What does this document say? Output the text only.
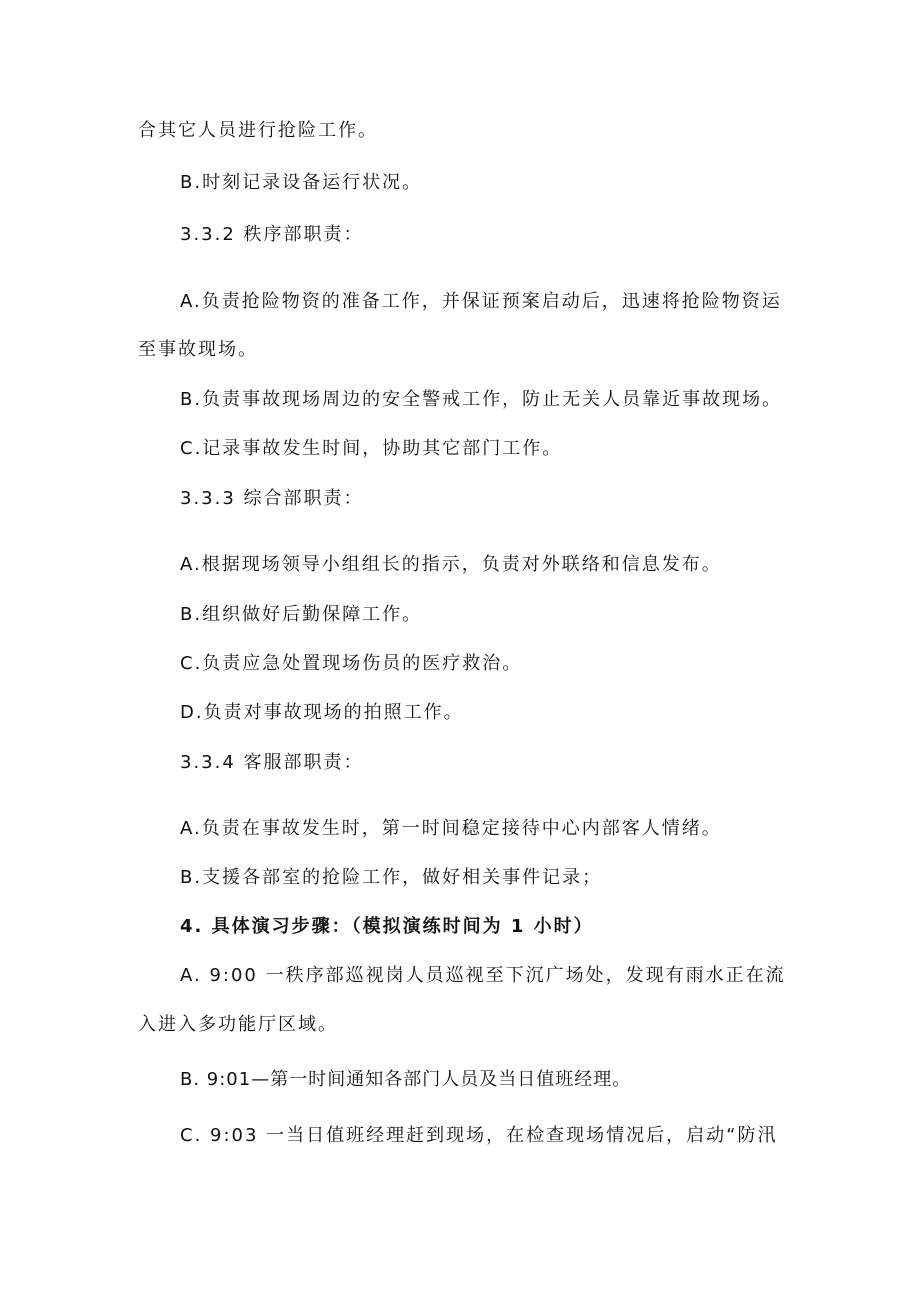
合其它人员进行抢险工作。
B.时刻记录设备运行状况。
3.3.2 秩序部职责：
A.负责抢险物资的准备工作，并保证预案启动后，迅速将抢险物资运
至事故现场。
B.负责事故现场周边的安全警戒工作，防止无关人员靠近事故现场。
C.记录事故发生时间，协助其它部门工作。
3.3.3 综合部职责：
A.根据现场领导小组组长的指示，负责对外联络和信息发布。
B.组织做好后勤保障工作。
C.负责应急处置现场伤员的医疗救治。
D.负责对事故现场的拍照工作。
3.3.4 客服部职责：
A.负责在事故发生时，第一时间稳定接待中心内部客人情绪。
B.支援各部室的抢险工作，做好相关事件记录；
4. 具体演习步骤：（模拟演练时间为 1 小时）
A. 9:00 一秩序部巡视岗人员巡视至下沉广场处，发现有雨水正在流
入进入多功能厅区域。
B. 9:01—第一时间通知各部门人员及当日值班经理。
C. 9:03 一当日值班经理赶到现场，在检查现场情况后，启动“防汛
